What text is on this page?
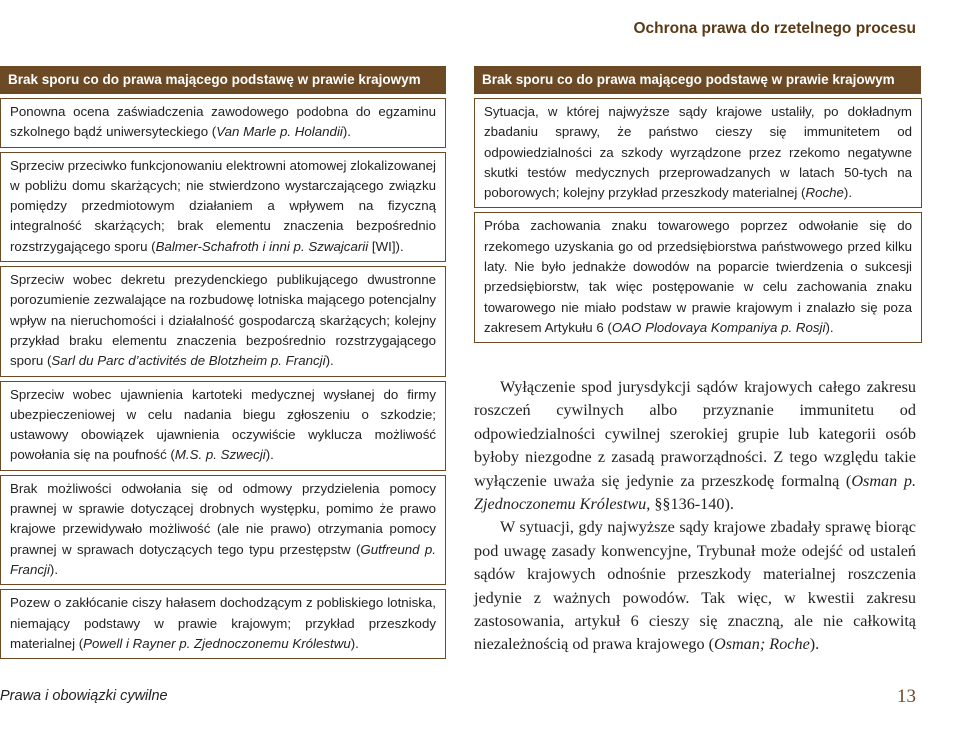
Ochrona prawa do rzetelnego procesu
Brak sporu co do prawa mającego podstawę w prawie krajowym
Ponowna ocena zaświadczenia zawodowego podobna do egzaminu szkolnego bądź uniwersyteckiego (Van Marle p. Holandii).
Sprzeciw przeciwko funkcjonowaniu elektrowni atomowej zlokalizowanej w pobliżu domu skarżących; nie stwierdzono wystarczającego związku pomiędzy przedmiotowym działaniem a wpływem na fizyczną integralność skarżących; brak elementu znaczenia bezpośrednio rozstrzygającego sporu (Balmer-Schafroth i inni p. Szwajcarii [WI]).
Sprzeciw wobec dekretu prezydenckiego publikującego dwustronne porozumienie zezwalające na rozbudowę lotniska mającego potencjalny wpływ na nieruchomości i działalność gospodarczą skarżących; kolejny przykład braku elementu znaczenia bezpośrednio rozstrzygającego sporu (Sarl du Parc d’activités de Blotzheim p. Francji).
Sprzeciw wobec ujawnienia kartoteki medycznej wysłanej do firmy ubezpieczeniowej w celu nadania biegu zgłoszeniu o szkodzie; ustawowy obowiązek ujawnienia oczywiście wyklucza możliwość powołania się na poufność (M.S. p. Szwecji).
Brak możliwości odwołania się od odmowy przydzielenia pomocy prawnej w sprawie dotyczącej drobnych występku, pomimo że prawo krajowe przewidywało możliwość (ale nie prawo) otrzymania pomocy prawnej w sprawach dotyczących tego typu przestępstw (Gutfreund p. Francji).
Pozew o zakłócanie ciszy hałasem dochodzącym z pobliskiego lotniska, niemający podstawy w prawie krajowym; przykład przeszkody materialnej (Powell i Rayner p. Zjednoczonemu Królestwu).
Brak sporu co do prawa mającego podstawę w prawie krajowym
Sytuacja, w której najwyższe sądy krajowe ustaliły, po dokładnym zbadaniu sprawy, że państwo cieszy się immunitetem od odpowiedzialności za szkody wyrządzone przez rzekomo negatywne skutki testów medycznych przeprowadzanych w latach 50-tych na poborowych; kolejny przykład przeszkody materialnej (Roche).
Próba zachowania znaku towarowego poprzez odwołanie się do rzekomego uzyskania go od przedsiębiorstwa państwowego przed kilku laty. Nie było jednakże dowodów na poparcie twierdzenia o sukcesji przedsiębiorstw, tak więc postępowanie w celu zachowania znaku towarowego nie miało podstaw w prawie krajowym i znalazło się poza zakresem Artykułu 6 (OAO Plodovaya Kompaniya p. Rosji).

Wyłączenie spod jurysdykcji sądów krajowych całego zakresu roszczeń cywilnych albo przyznanie immunitetu od odpowiedzialności cywilnej szerokiej grupie lub kategorii osób byłoby niezgodne z zasadą praworządności. Z tego względu takie wyłączenie uważa się jedynie za przeszkodę formalną (Osman p. Zjednoczonemu Królestwu, §§136-140).

W sytuacji, gdy najwyższe sądy krajowe zbadały sprawę biorąc pod uwagę zasady konwencyjne, Trybunał może odejść od ustaleń sądów krajowych odnośnie przeszkody materialnej roszczenia jedynie z ważnych powodów. Tak więc, w kwestii zakresu zastosowania, artykuł 6 cieszy się znaczną, ale nie całkowitą niezależnością od prawa krajowego (Osman; Roche).

Prawa i obowiązki cywilne	13
